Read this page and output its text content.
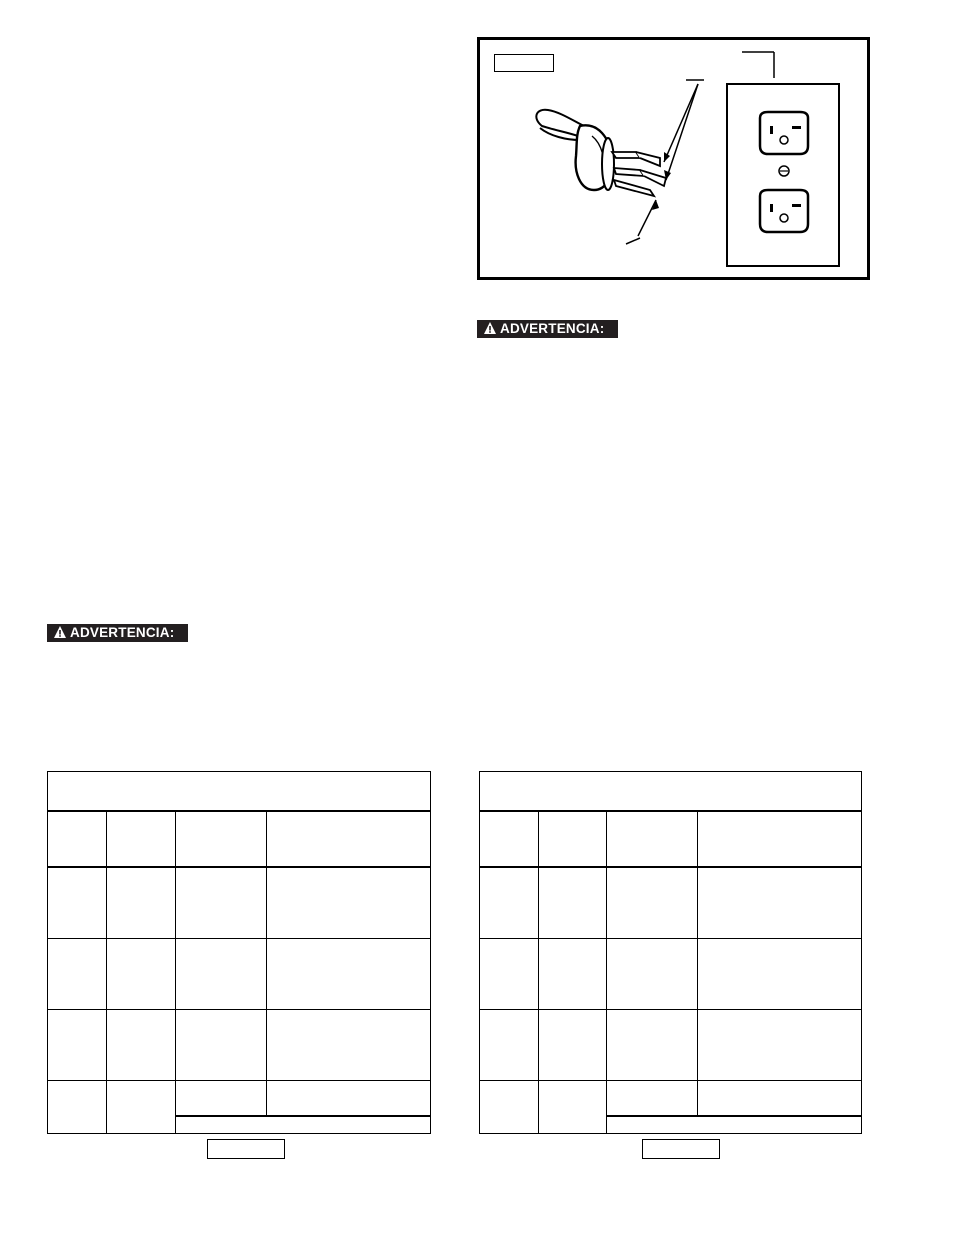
ADVERTENCIA:
ADVERTENCIA:
